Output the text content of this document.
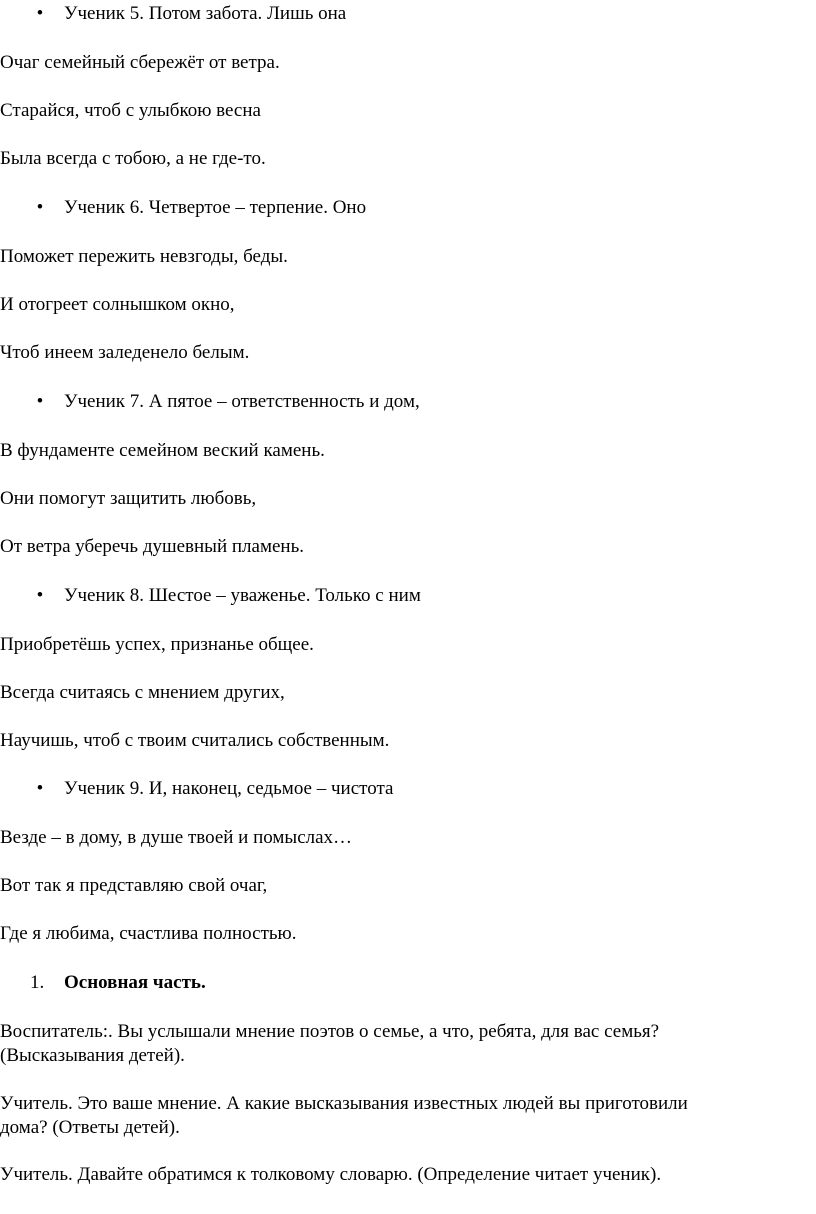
•	Ученик 5. Потом забота. Лишь она
Очаг семейный сбережёт от ветра.
Старайся, чтоб с улыбкою весна
Была всегда с тобою, а не где-то.
•	Ученик 6. Четвертое – терпение. Оно
Поможет пережить невзгоды, беды.
И отогреет солнышком окно,
Чтоб инеем заледенело белым.
•	Ученик 7. А пятое – ответственность и дом,
В фундаменте семейном веский камень.
Они помогут защитить любовь,
От ветра уберечь душевный пламень.
•	Ученик 8. Шестое – уваженье. Только с ним
Приобретёшь успех, признанье общее.
Всегда считаясь с мнением других,
Научишь, чтоб с твоим считались собственным.
•	Ученик 9. И, наконец, седьмое – чистота
Везде – в дому, в душе твоей и помыслах…
Вот так я представляю свой очаг,
Где я любима, счастлива полностью.
1. Основная часть.
Воспитатель:. Вы услышали мнение поэтов о семье, а что, ребята, для вас семья?
(Высказывания детей).
Учитель. Это ваше мнение. А какие высказывания известных людей вы приготовили
дома? (Ответы детей).
Учитель. Давайте обратимся к толковому словарю. (Определение читает ученик).
